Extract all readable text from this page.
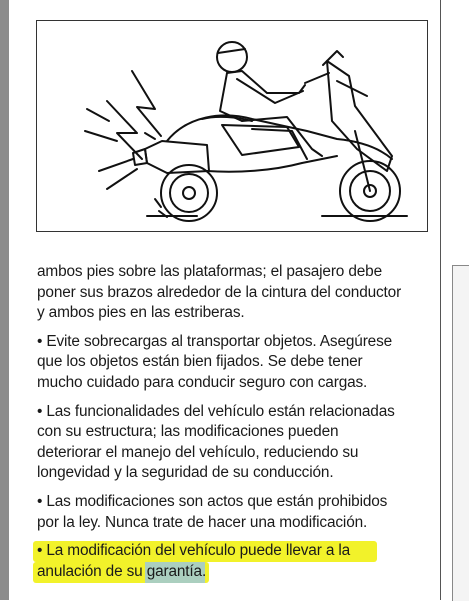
ambos pies sobre las plataformas; el pasajero debe poner sus brazos alrededor de la cintura del conductor y ambos pies en las estriberas.

• Evite sobrecargas al transportar objetos. Asegúrese que los objetos están bien fijados. Se debe tener mucho cuidado para conducir seguro con cargas.

• Las funcionalidades del vehículo están relacionadas con su estructura; las modificaciones pueden deteriorar el manejo del vehículo, reduciendo su longevidad y la seguridad de su conducción.

• Las modificaciones son actos que están prohibidos por la ley. Nunca trate de hacer una modificación.

• La modificación del vehículo puede llevar a la anulación de su garantía.
